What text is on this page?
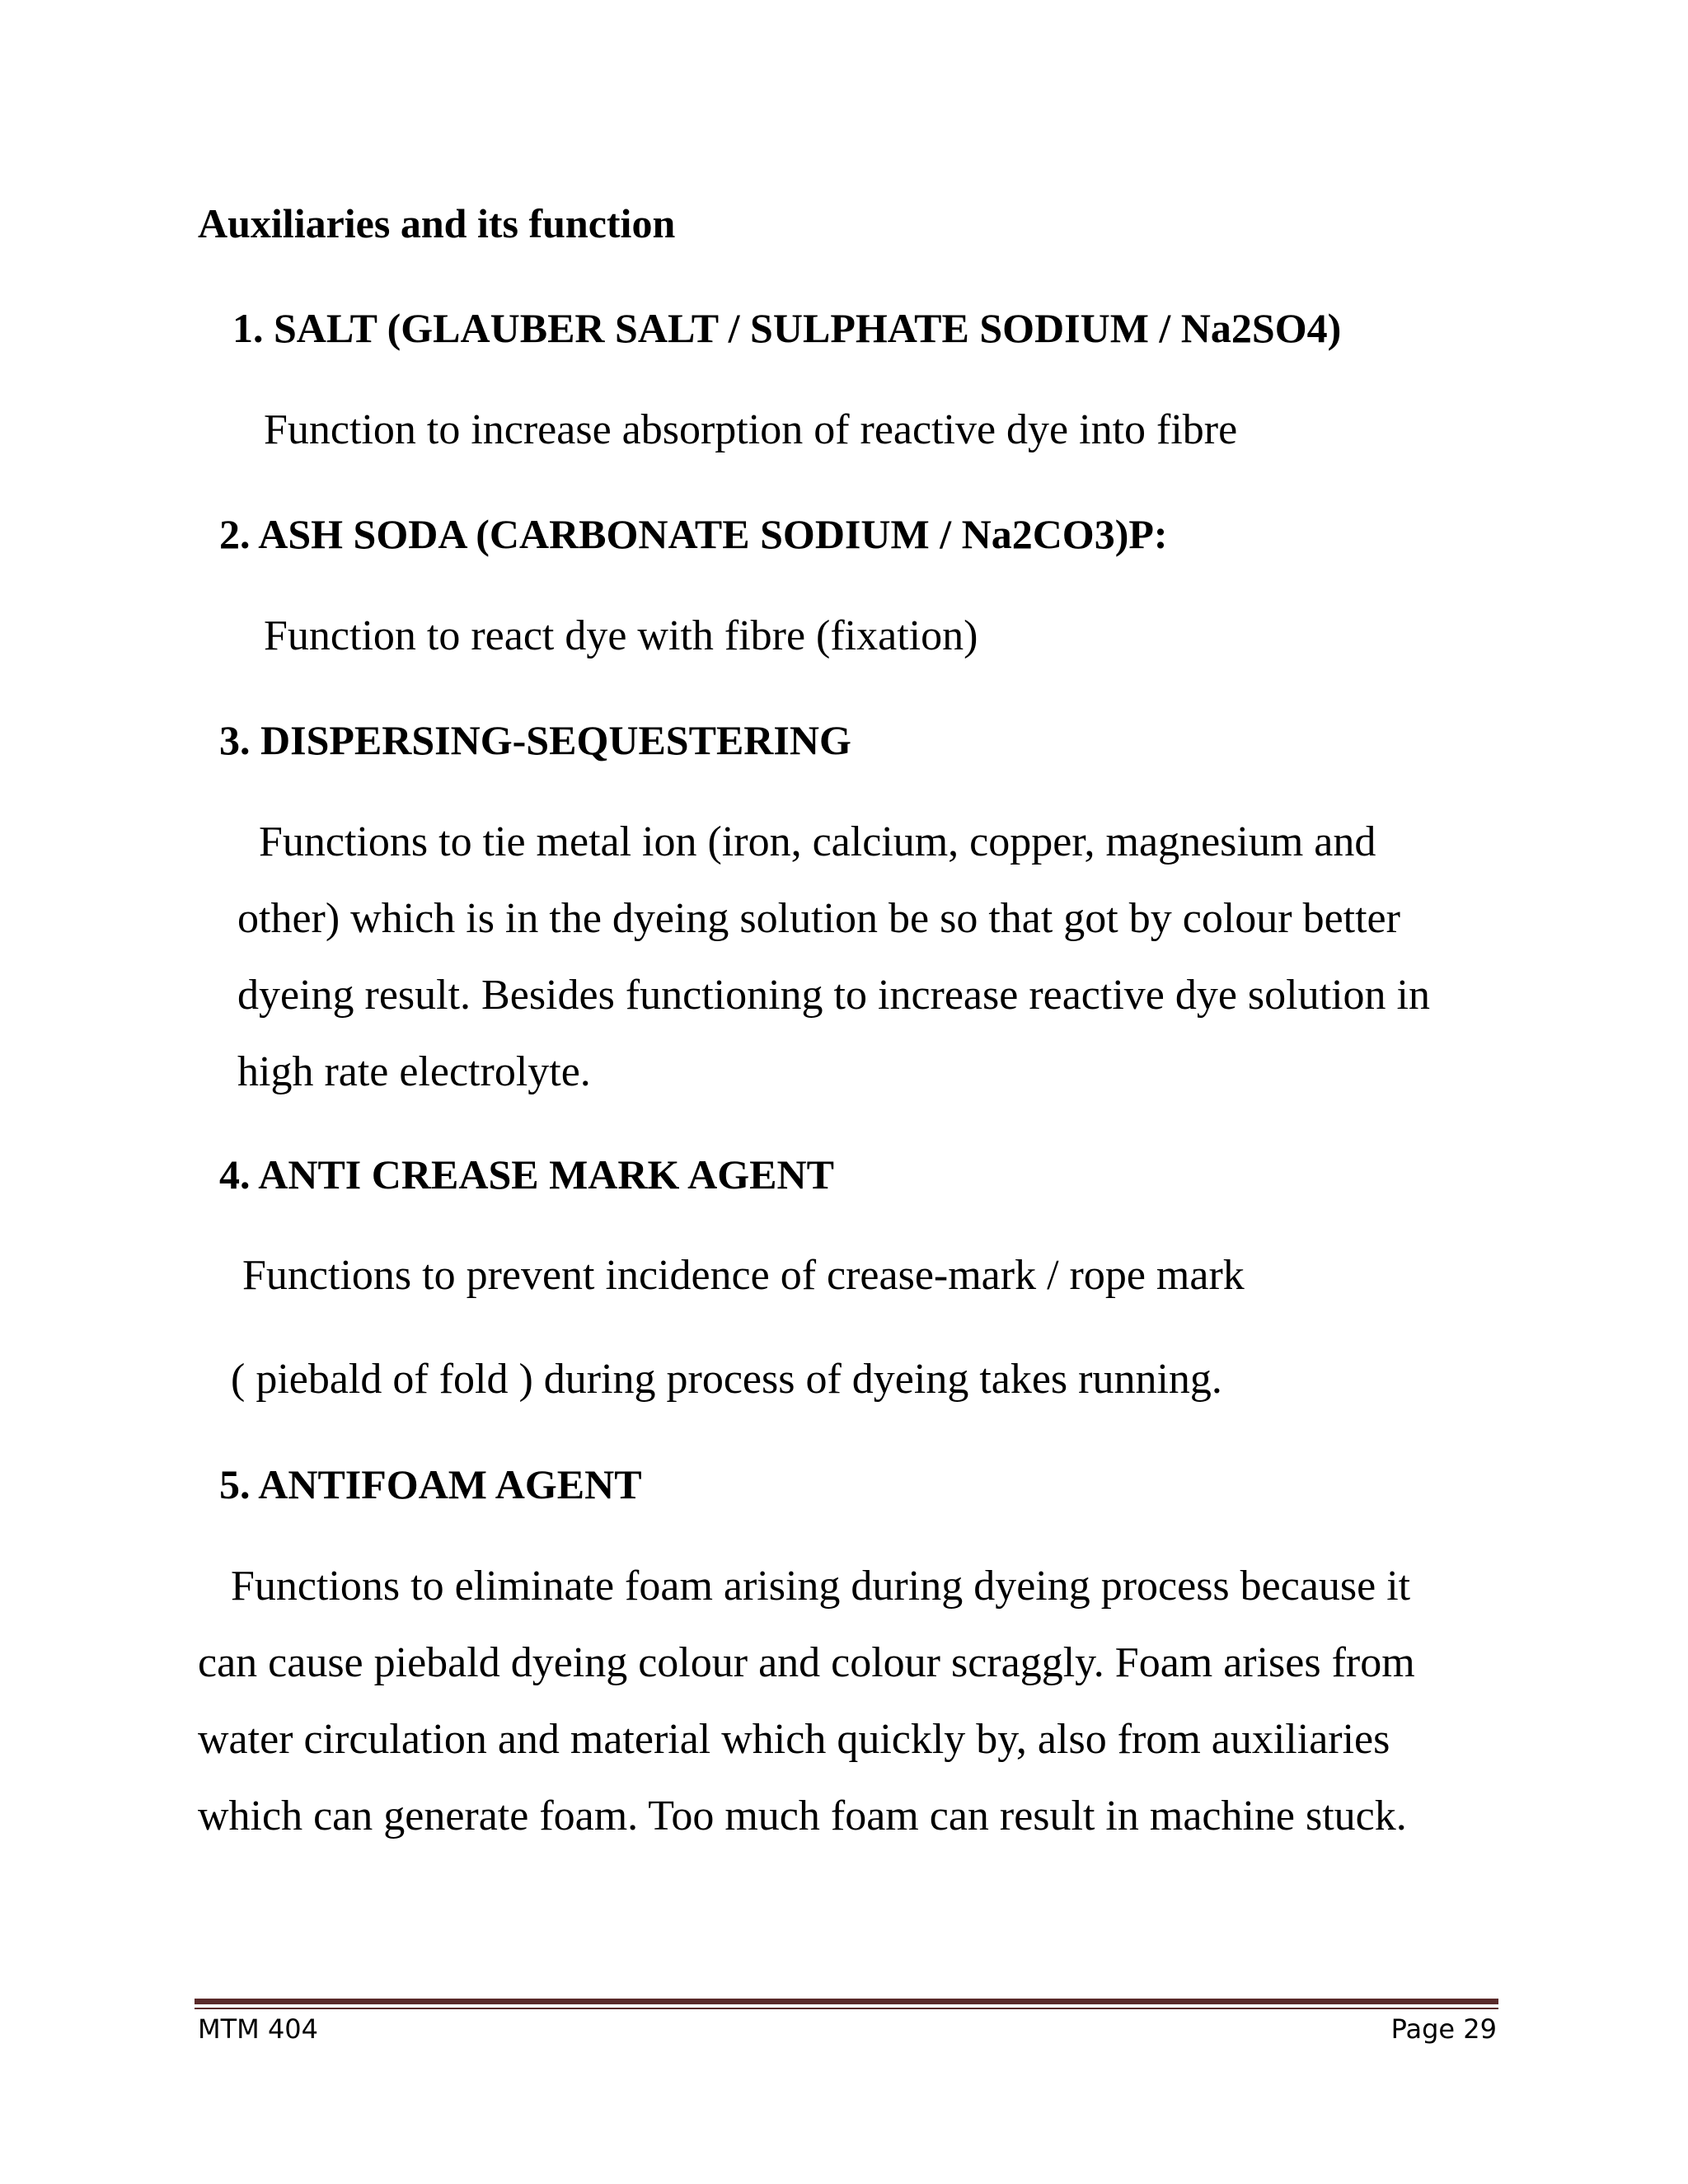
Auxiliaries and its function
1. SALT (GLAUBER SALT / SULPHATE SODIUM / Na2SO4)
Function to increase absorption of reactive dye into fibre
2. ASH SODA (CARBONATE SODIUM / Na2CO3)P:
Function to react dye with fibre (fixation)
3. DISPERSING-SEQUESTERING
Functions to tie metal ion (iron, calcium, copper, magnesium and
other) which is in the dyeing solution be so that got by colour better
dyeing result. Besides functioning to increase reactive dye solution in
high rate electrolyte.
4. ANTI CREASE MARK AGENT
Functions to prevent incidence of crease-mark / rope mark
( piebald of fold ) during process of dyeing takes running.
5. ANTIFOAM AGENT
Functions to eliminate foam arising during dyeing process because it
can cause piebald dyeing colour and colour scraggly. Foam arises from
water circulation and material which quickly by, also from auxiliaries
which can generate foam. Too much foam can result in machine stuck.
MTM 404	Page 29
